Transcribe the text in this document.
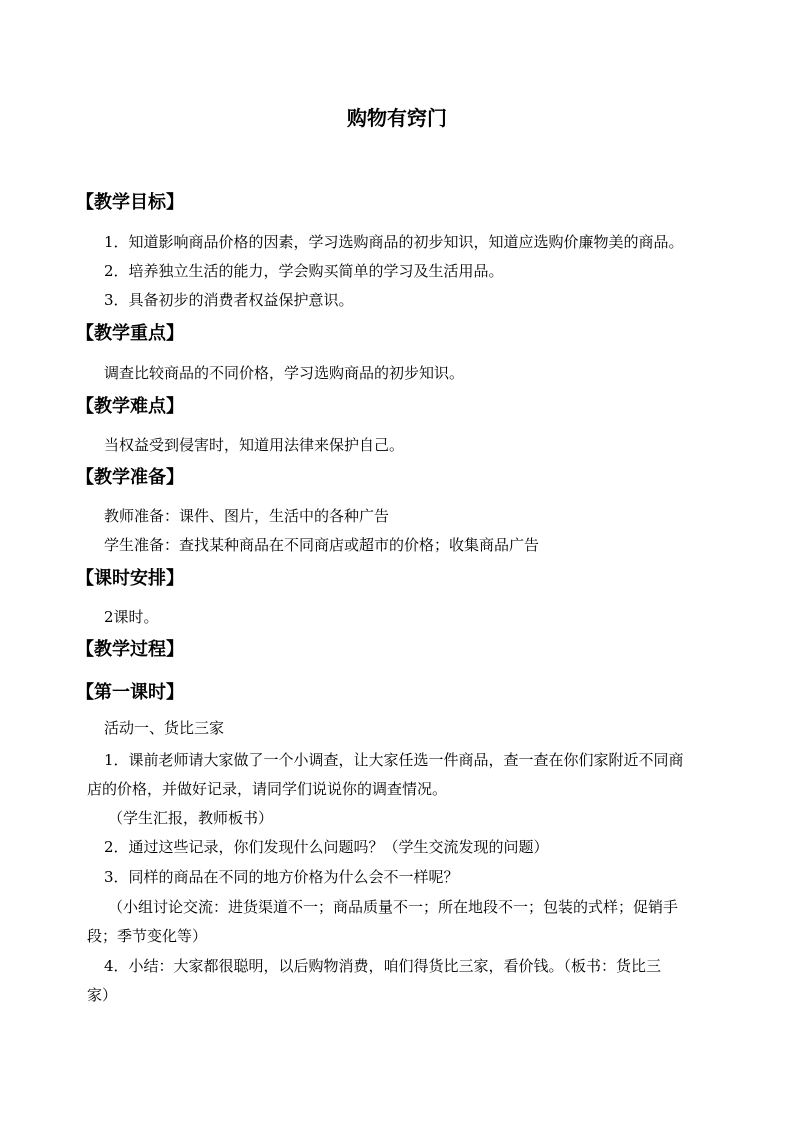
购物有窍门
【教学目标】
1．知道影响商品价格的因素，学习选购商品的初步知识，知道应选购价廉物美的商品。
2．培养独立生活的能力，学会购买简单的学习及生活用品。
3．具备初步的消费者权益保护意识。
【教学重点】
调查比较商品的不同价格，学习选购商品的初步知识。
【教学难点】
当权益受到侵害时，知道用法律来保护自己。
【教学准备】
教师准备：课件、图片，生活中的各种广告
学生准备：查找某种商品在不同商店或超市的价格；收集商品广告
【课时安排】
2课时。
【教学过程】
【第一课时】
活动一、货比三家
1．课前老师请大家做了一个小调查，让大家任选一件商品，查一查在你们家附近不同商
店的价格，并做好记录，请同学们说说你的调查情况。
（学生汇报，教师板书）
2．通过这些记录，你们发现什么问题吗？（学生交流发现的问题）
3．同样的商品在不同的地方价格为什么会不一样呢？
（小组讨论交流：进货渠道不一；商品质量不一；所在地段不一；包装的式样；促销手
段；季节变化等）
4．小结：大家都很聪明，以后购物消费，咱们得货比三家，看价钱。（板书：货比三
家）
